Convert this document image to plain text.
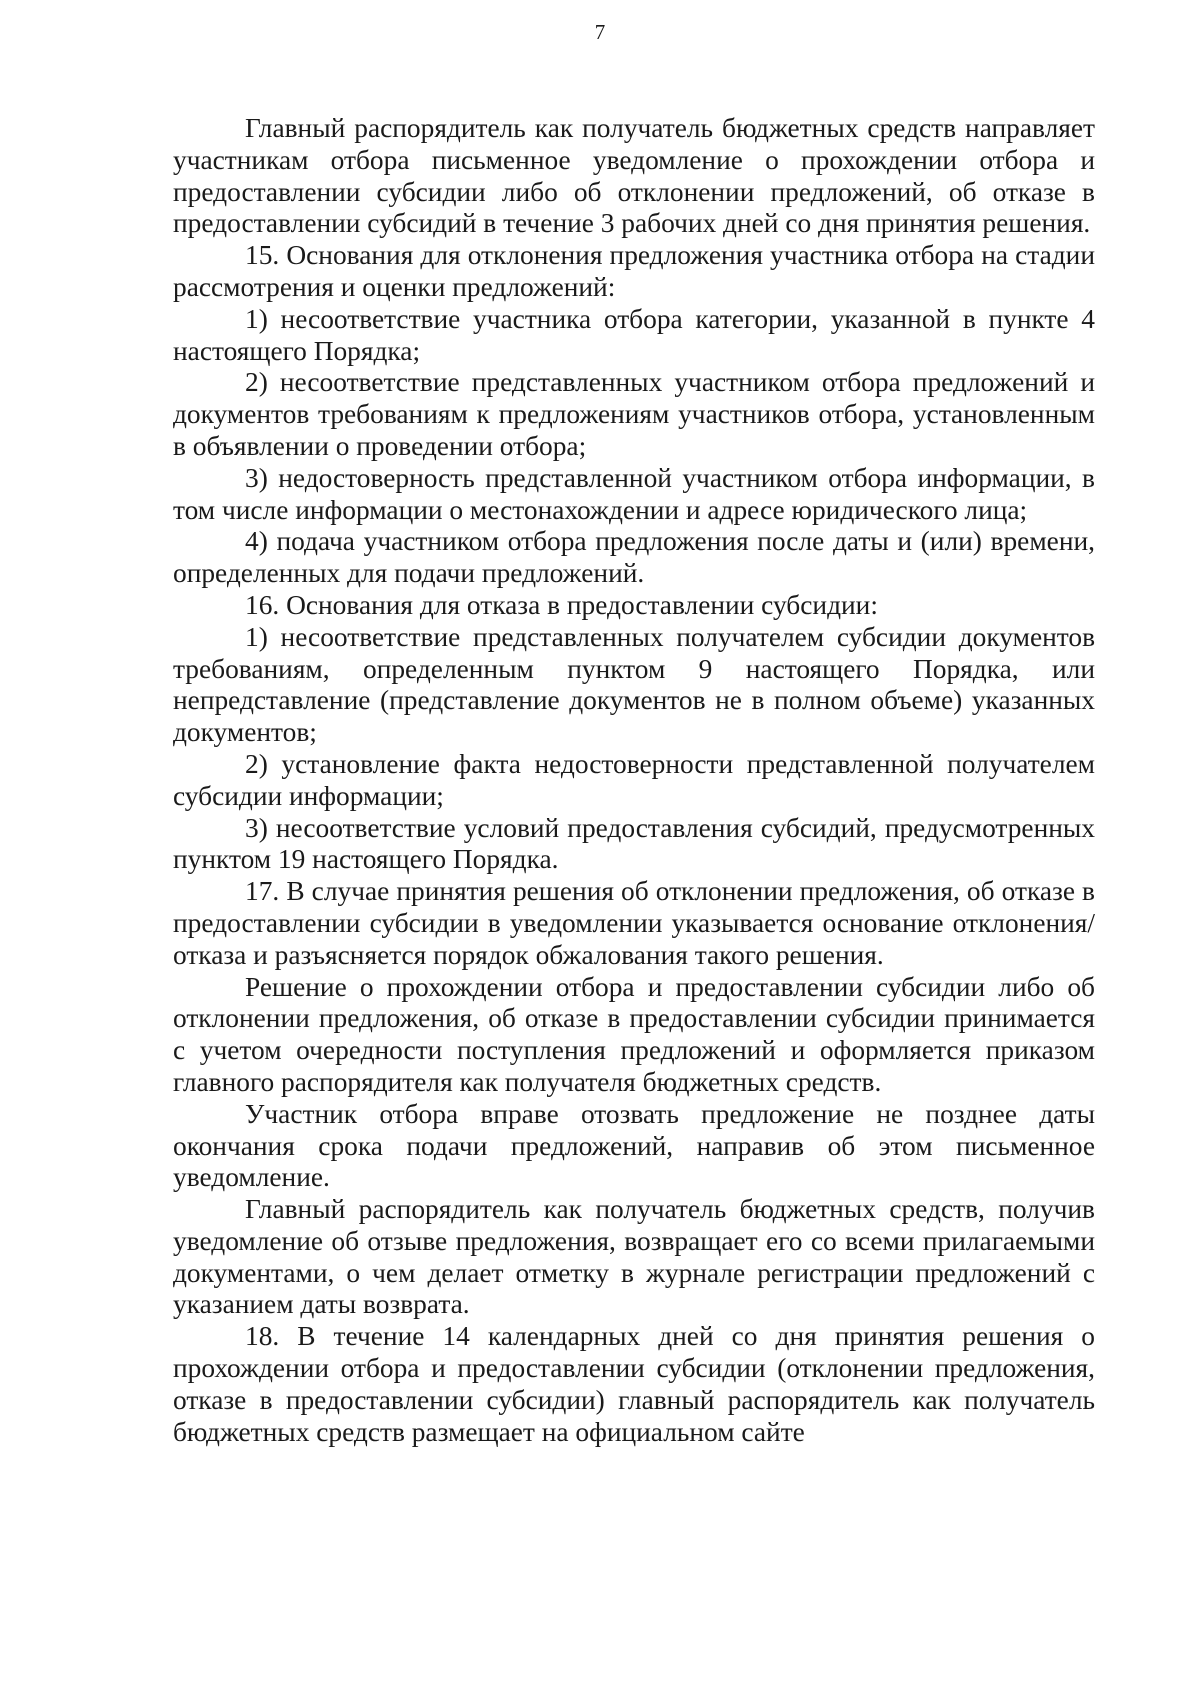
7

Главный распорядитель как получатель бюджетных средств направляет участникам отбора письменное уведомление о прохождении отбора и предоставлении субсидии либо об отклонении предложений, об отказе в предоставлении субсидий в течение 3 рабочих дней со дня принятия решения.

15. Основания для отклонения предложения участника отбора на стадии рассмотрения и оценки предложений:

1) несоответствие участника отбора категории, указанной в пункте 4 настоящего Порядка;

2) несоответствие представленных участником отбора предложений и документов требованиям к предложениям участников отбора, установленным в объявлении о проведении отбора;

3) недостоверность представленной участником отбора информации, в том числе информации о местонахождении и адресе юридического лица;

4) подача участником отбора предложения после даты и (или) времени, определенных для подачи предложений.

16. Основания для отказа в предоставлении субсидии:

1) несоответствие представленных получателем субсидии документов требованиям, определенным пунктом 9 настоящего Порядка, или непредставление (представление документов не в полном объеме) указанных документов;

2) установление факта недостоверности представленной получателем субсидии информации;

3) несоответствие условий предоставления субсидий, предусмотренных пунктом 19 настоящего Порядка.

17. В случае принятия решения об отклонении предложения, об отказе в предоставлении субсидии в уведомлении указывается основание отклонения/отказа и разъясняется порядок обжалования такого решения.

Решение о прохождении отбора и предоставлении субсидии либо об отклонении предложения, об отказе в предоставлении субсидии принимается с учетом очередности поступления предложений и оформляется приказом главного распорядителя как получателя бюджетных средств.

Участник отбора вправе отозвать предложение не позднее даты окончания срока подачи предложений, направив об этом письменное уведомление.

Главный распорядитель как получатель бюджетных средств, получив уведомление об отзыве предложения, возвращает его со всеми прилагаемыми документами, о чем делает отметку в журнале регистрации предложений с указанием даты возврата.

18. В течение 14 календарных дней со дня принятия решения о прохождении отбора и предоставлении субсидии (отклонении предложения, отказе в предоставлении субсидии) главный распорядитель как получатель бюджетных средств размещает на официальном сайте
